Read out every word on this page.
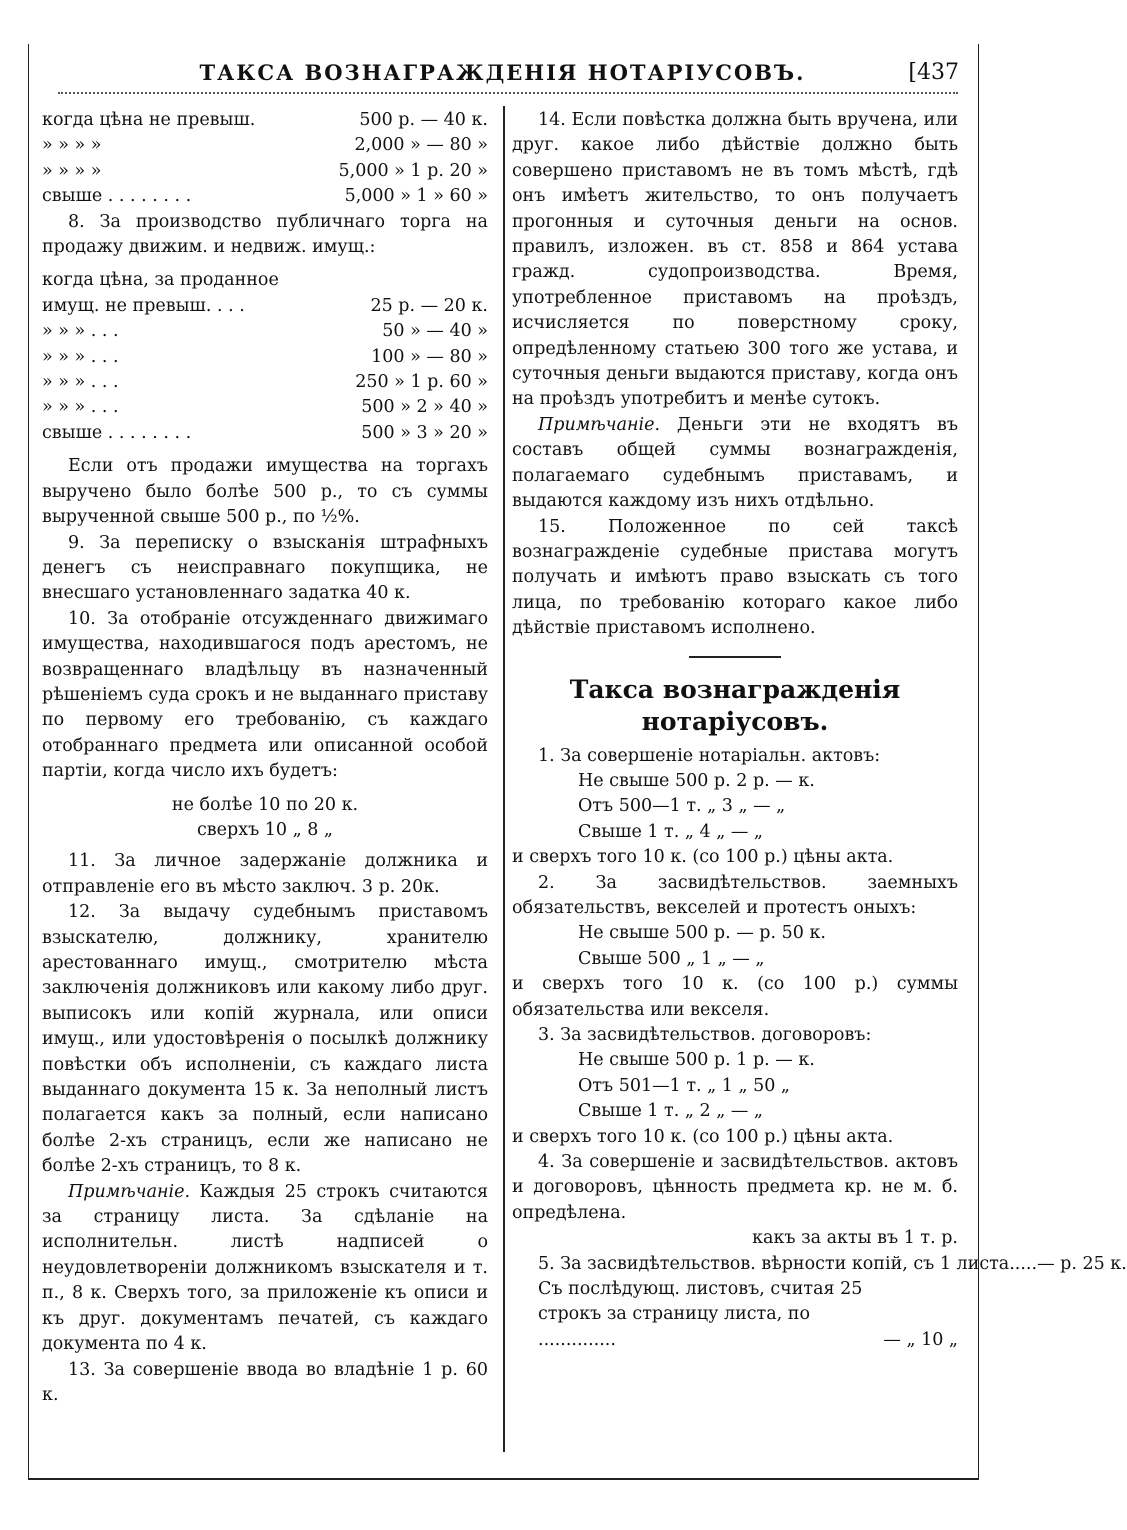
ТАКСА ВОЗНАГРАЖДЕНІЯ НОТАРІУСОВЪ.	[437
когда цѣна не превыш.	500 р. — 40 к.
» » » »	2,000 » — 80 »
» » » »	5,000 » 1 р. 20 »
свыше . . . . . . . .	5,000 » 1 » 60 »

8. За производство публичнаго торга на продажу движим. и недвиж. имущ.:

когда цѣна, за проданное

имущ. не превыш. . . .	25 р. — 20 к.
» » » . . .	50 » — 40 »
» » » . . .	100 » — 80 »
» » » . . .	250 » 1 р. 60 »
» » » . . .	500 » 2 » 40 »
свыше . . . . . . . .	500 » 3 » 20 »

Если отъ продажи имущества на торгахъ выручено было болѣе 500 р., то съ суммы вырученной свыше 500 р., по ½%.

9. За переписку о взысканія штрафныхъ денегъ съ неисправнаго покупщика, не внесшаго установленнаго задатка 40 к.

10. За отобраніе отсужденнаго движимаго имущества, находившагося подъ арестомъ, не возвращеннаго владѣльцу въ назначенный рѣшеніемъ суда срокъ и не выданнаго приставу по первому его требованію, съ каждаго отобраннаго предмета или описанной особой партіи, когда число ихъ будетъ:

не болѣе 10 по 20 к.
сверхъ 10 „ 8 „

11. За личное задержаніе должника и отправленіе его въ мѣсто заключ. 3 р. 20к.

12. За выдачу судебнымъ приставомъ взыскателю, должнику, хранителю арестованнаго имущ., смотрителю мѣста заключенія должниковъ или какому либо друг. выписокъ или копій журнала, или описи имущ., или удостовѣренія о посылкѣ должнику повѣстки объ исполненіи, съ каждаго листа выданнаго документа 15 к. За неполный листъ полагается какъ за полный, если написано болѣе 2-хъ страницъ, если же написано не болѣе 2-хъ страницъ, то 8 к.

Примѣчаніе. Каждыя 25 строкъ считаются за страницу листа. За сдѣланіе на исполнительн. листѣ надписей о неудовлетвореніи должникомъ взыскателя и т. п., 8 к. Сверхъ того, за приложеніе къ описи и къ друг. документамъ печатей, съ каждаго документа по 4 к.

13. За совершеніе ввода во владѣніе 1 р. 60 к.

14. Если повѣстка должна быть вручена, или друг. какое либо дѣйствіе должно быть совершено приставомъ не въ томъ мѣстѣ, гдѣ онъ имѣетъ жительство, то онъ получаетъ прогонныя и суточныя деньги на основ. правилъ, изложен. въ ст. 858 и 864 устава гражд. судопроизводства. Время, употребленное приставомъ на проѣздъ, исчисляется по поверстному сроку, опредѣленному статьею 300 того же устава, и суточныя деньги выдаются приставу, когда онъ на проѣздъ употребитъ и менѣе сутокъ.

Примѣчаніе. Деньги эти не входятъ въ составъ общей суммы вознагражденія, полагаемаго судебнымъ приставамъ, и выдаются каждому изъ нихъ отдѣльно.

15. Положенное по сей таксѣ вознагражденіе судебные пристава могутъ получать и имѣютъ право взыскать съ того лица, по требованію котораго какое либо дѣйствіе приставомъ исполнено.

Такса вознагражденія нотаріусовъ.

1. За совершеніе нотаріальн. актовъ:

Не свыше 500 р. 2 р. — к.
Отъ 500—1 т. „ 3 „ — „
Свыше 1 т. „ 4 „ — „

и сверхъ того 10 к. (со 100 р.) цѣны акта.

2. За засвидѣтельствов. заемныхъ обязательствъ, векселей и протестъ оныхъ:

Не свыше 500 р. — р. 50 к.
Свыше 500 „ 1 „ — „

и сверхъ того 10 к. (со 100 р.) суммы обязательства или векселя.

3. За засвидѣтельствов. договоровъ:

Не свыше 500 р. 1 р. — к.
Отъ 501—1 т. „ 1 „ 50 „
Свыше 1 т. „ 2 „ — „

и сверхъ того 10 к. (со 100 р.) цѣны акта.

4. За совершеніе и засвидѣтельствов. актовъ и договоровъ, цѣнность предмета кр. не м. б. опредѣлена.

какъ за акты въ 1 т. р.
5. За засвидѣтельствов. вѣрности копій, съ 1 листа..... — р. 25 к.
Съ послѣдующ. листовъ, считая 25 строкъ за страницу листа, по ..............	— „ 10 „
